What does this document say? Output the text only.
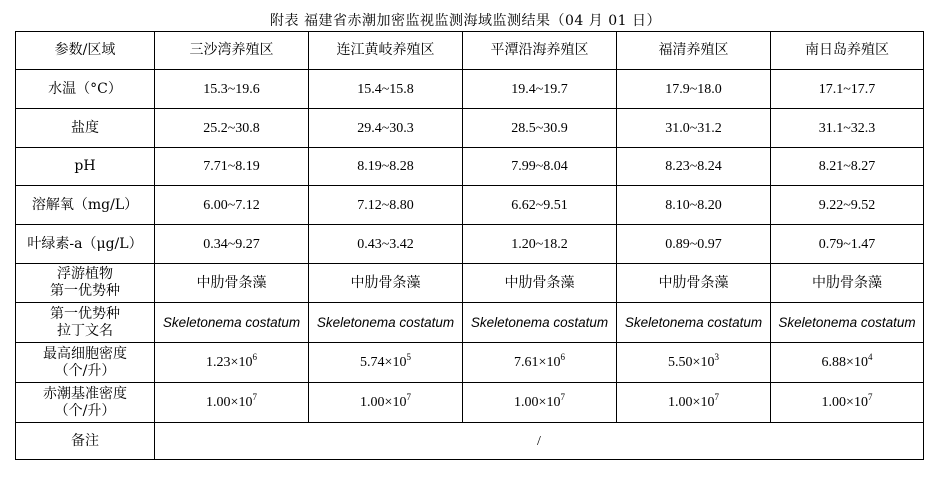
附表 福建省赤潮加密监视监测海域监测结果（04 月 01 日）
参数/区域	三沙湾养殖区	连江黄岐养殖区	平潭沿海养殖区	福清养殖区	南日岛养殖区
水温（°C）	15.3~19.6	15.4~15.8	19.4~19.7	17.9~18.0	17.1~17.7
盐度	25.2~30.8	29.4~30.3	28.5~30.9	31.0~31.2	31.1~32.3
pH	7.71~8.19	8.19~8.28	7.99~8.04	8.23~8.24	8.21~8.27
溶解氧（mg/L）	6.00~7.12	7.12~8.80	6.62~9.51	8.10~8.20	9.22~9.52
叶绿素-a（μg/L）	0.34~9.27	0.43~3.42	1.20~18.2	0.89~0.97	0.79~1.47

浮游植物
第一优势种	中肋骨条藻	中肋骨条藻	中肋骨条藻	中肋骨条藻	中肋骨条藻

第一优势种
拉丁文名	Skeletonema costatum	Skeletonema costatum	Skeletonema costatum	Skeletonema costatum	Skeletonema costatum

最高细胞密度
（个/升）	$1.23\times 10^6$	$5.74\times 10^5$	$7.61\times 10^6$	$5.50\times 10^3$	$6.88\times 10^4$

赤潮基准密度
（个/升）	$1.00\times 10^7$	$1.00\times 10^7$	$1.00\times 10^7$	$1.00\times 10^7$	$1.00\times 10^7$
备注	/				
